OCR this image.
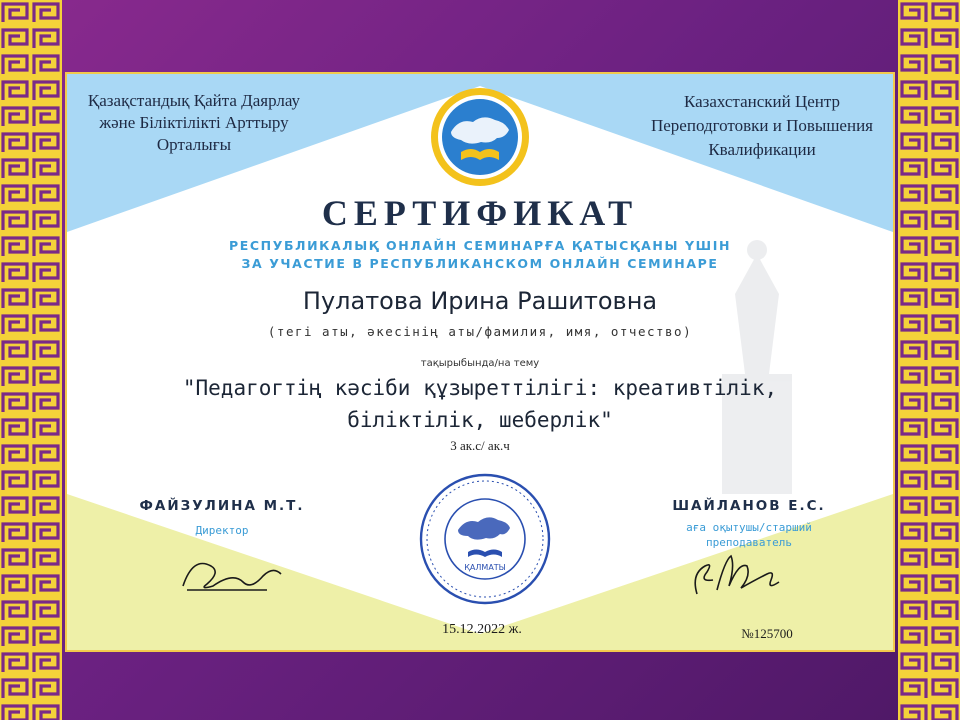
Қазақстандық Қайта Даярлау және Біліктілікті Арттыру Орталығы

Казахстанский Центр Переподготовки и Повышения Квалификации

СЕРТИФИКАТ

РЕСПУБЛИКАЛЫҚ ОНЛАЙН СЕМИНАРҒА ҚАТЫСҚАНЫ ҮШІН

ЗА УЧАСТИЕ В РЕСПУБЛИКАНСКОМ ОНЛАЙН СЕМИНАРЕ

Пулатова Ирина Рашитовна

(тегі аты, әкесінің аты/фамилия, имя, отчество)

тақырыбында/на тему

"Педагогтің кәсіби құзыреттілігі: креативтілік,

біліктілік, шеберлік"

3 ак.с/ ак.ч

ФАЙЗУЛИНА М.Т.

Директор

ШАЙЛАНОВ Е.С.

аға оқытушы/старший преподаватель

ҚАЛМАТЫ

15.12.2022 ж.	№125700
